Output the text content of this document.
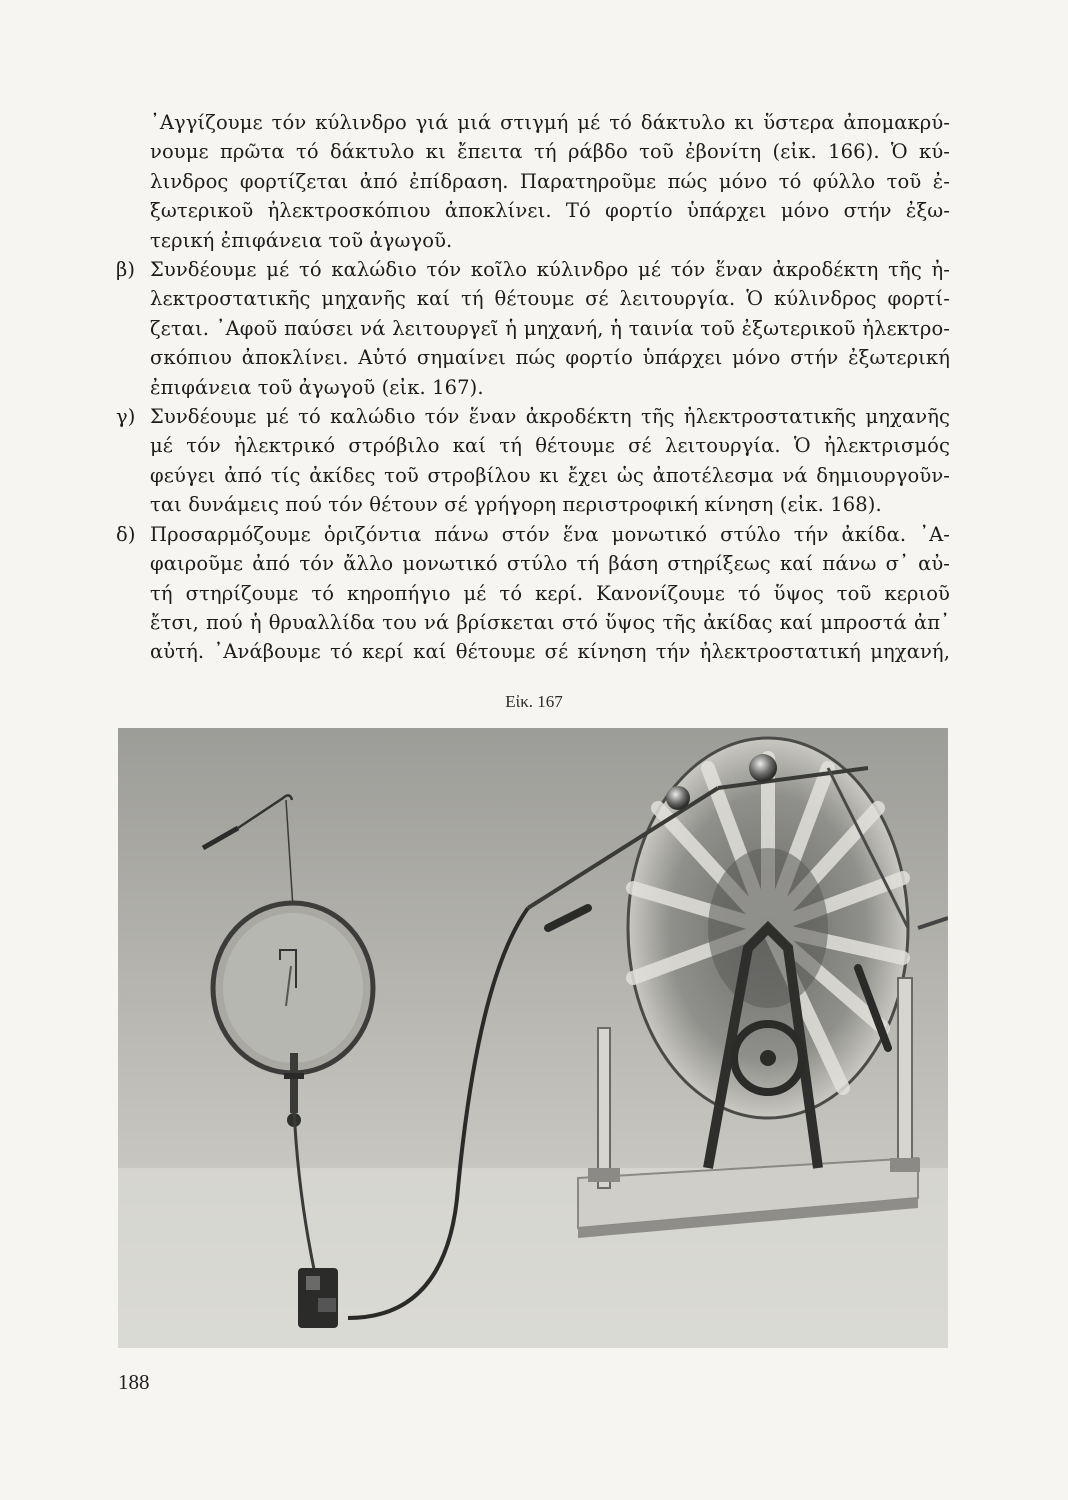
᾿Αγγίζουμε τόν κύλινδρο γιά μιά στιγμή μέ τό δάκτυλο κι ὕστερα ἀπομακρύ-

νουμε πρῶτα τό δάκτυλο κι ἔπειτα τή ράβδο τοῦ ἐβονίτη (εἰκ. 166). Ὁ κύ-

λινδρος φορτίζεται ἀπό ἐπίδραση. Παρατηροῦμε πώς μόνο τό φύλλο τοῦ ἐ-

ξωτερικοῦ ἠλεκτροσκόπιου ἀποκλίνει. Τό φορτίο ὑπάρχει μόνο στήν ἐξω-

τερική ἐπιφάνεια τοῦ ἀγωγοῦ.

β) Συνδέουμε μέ τό καλώδιο τόν κοῖλο κύλινδρο μέ τόν ἕναν ἀκροδέκτη τῆς ἠ-

λεκτροστατικῆς μηχανῆς καί τή θέτουμε σέ λειτουργία. Ὁ κύλινδρος φορτί-

ζεται. ᾿Αφοῦ παύσει νά λειτουργεῖ ἡ μηχανή, ἡ ταινία τοῦ ἐξωτερικοῦ ἠλεκτρο-

σκόπιου ἀποκλίνει. Αὐτό σημαίνει πώς φορτίο ὑπάρχει μόνο στήν ἐξωτερική

ἐπιφάνεια τοῦ ἀγωγοῦ (εἰκ. 167).

γ) Συνδέουμε μέ τό καλώδιο τόν ἕναν ἀκροδέκτη τῆς ἠλεκτροστατικῆς μηχανῆς

μέ τόν ἠλεκτρικό στρόβιλο καί τή θέτουμε σέ λειτουργία. Ὁ ἠλεκτρισμός

φεύγει ἀπό τίς ἀκίδες τοῦ στροβίλου κι ἔχει ὡς ἀποτέλεσμα νά δημιουργοῦν-

ται δυνάμεις πού τόν θέτουν σέ γρήγορη περιστροφική κίνηση (εἰκ. 168).

δ) Προσαρμόζουμε ὁριζόντια πάνω στόν ἕνα μονωτικό στύλο τήν ἀκίδα. ᾿Α-

φαιροῦμε ἀπό τόν ἄλλο μονωτικό στύλο τή βάση στηρίξεως καί πάνω σ᾿ αὐ-

τή στηρίζουμε τό κηροπήγιο μέ τό κερί. Κανονίζουμε τό ὕψος τοῦ κεριοῦ

ἔτσι, πού ἡ θρυαλλίδα του νά βρίσκεται στό ὕψος τῆς ἀκίδας καί μπροστά ἀπ᾿

αὐτή. ᾿Ανάβουμε τό κερί καί θέτουμε σέ κίνηση τήν ἠλεκτροστατική μηχανή,

Εἰκ. 167
188
